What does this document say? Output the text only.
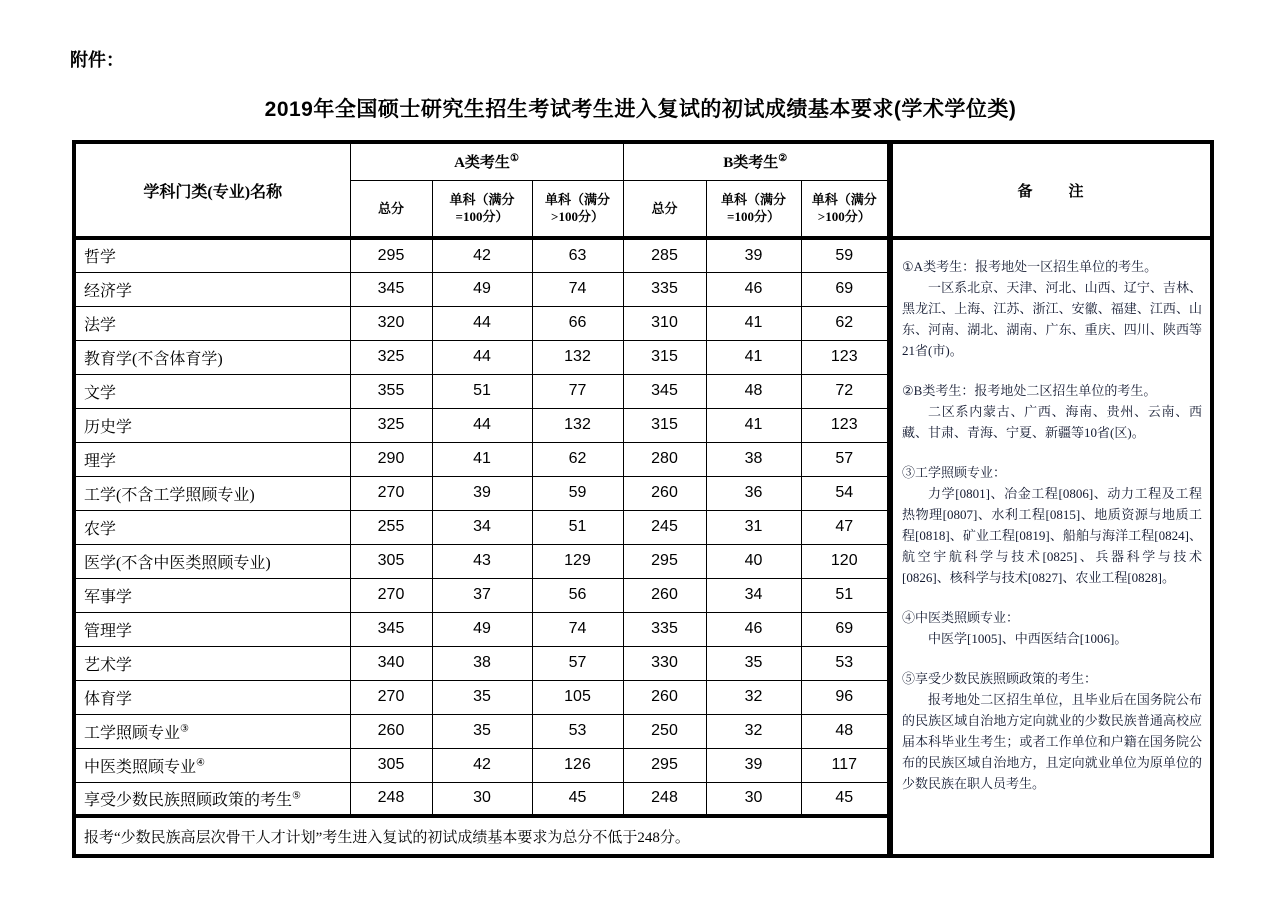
附件：
2019年全国硕士研究生招生考试考生进入复试的初试成绩基本要求(学术学位类)
学科门类(专业)名称	A类考生①			B类考生②			备　　注
	总分	单科（满分=100分）	单科（满分>100分）	总分	单科（满分=100分）	单科（满分>100分）	
哲学	295	42	63	285	39	59	

①A类考生：报考地处一区招生单位的考生。

一区系北京、天津、河北、山西、辽宁、吉林、黑龙江、上海、江苏、浙江、安徽、福建、江西、山东、河南、湖北、湖南、广东、重庆、四川、陕西等21省(市)。

②B类考生：报考地处二区招生单位的考生。

二区系内蒙古、广西、海南、贵州、云南、西藏、甘肃、青海、宁夏、新疆等10省(区)。

③工学照顾专业：

力学[0801]、冶金工程[0806]、动力工程及工程热物理[0807]、水利工程[0815]、地质资源与地质工程[0818]、矿业工程[0819]、船舶与海洋工程[0824]、航空宇航科学与技术[0825]、兵器科学与技术[0826]、核科学与技术[0827]、农业工程[0828]。

④中医类照顾专业：

中医学[1005]、中西医结合[1006]。

⑤享受少数民族照顾政策的考生：

报考地处二区招生单位，且毕业后在国务院公布的民族区域自治地方定向就业的少数民族普通高校应届本科毕业生考生；或者工作单位和户籍在国务院公布的民族区域自治地方，且定向就业单位为原单位的少数民族在职人员考生。

经济学	345	49	74	335	46	69	
法学	320	44	66	310	41	62	
教育学(不含体育学)	325	44	132	315	41	123	
文学	355	51	77	345	48	72	
历史学	325	44	132	315	41	123	
理学	290	41	62	280	38	57	
工学(不含工学照顾专业)	270	39	59	260	36	54	
农学	255	34	51	245	31	47	
医学(不含中医类照顾专业)	305	43	129	295	40	120	
军事学	270	37	56	260	34	51	
管理学	345	49	74	335	46	69	
艺术学	340	38	57	330	35	53	
体育学	270	35	105	260	32	96	
工学照顾专业③	260	35	53	250	32	48	
中医类照顾专业④	305	42	126	295	39	117	
享受少数民族照顾政策的考生⑤	248	30	45	248	30	45	
报考“少数民族高层次骨干人才计划”考生进入复试的初试成绩基本要求为总分不低于248分。							
